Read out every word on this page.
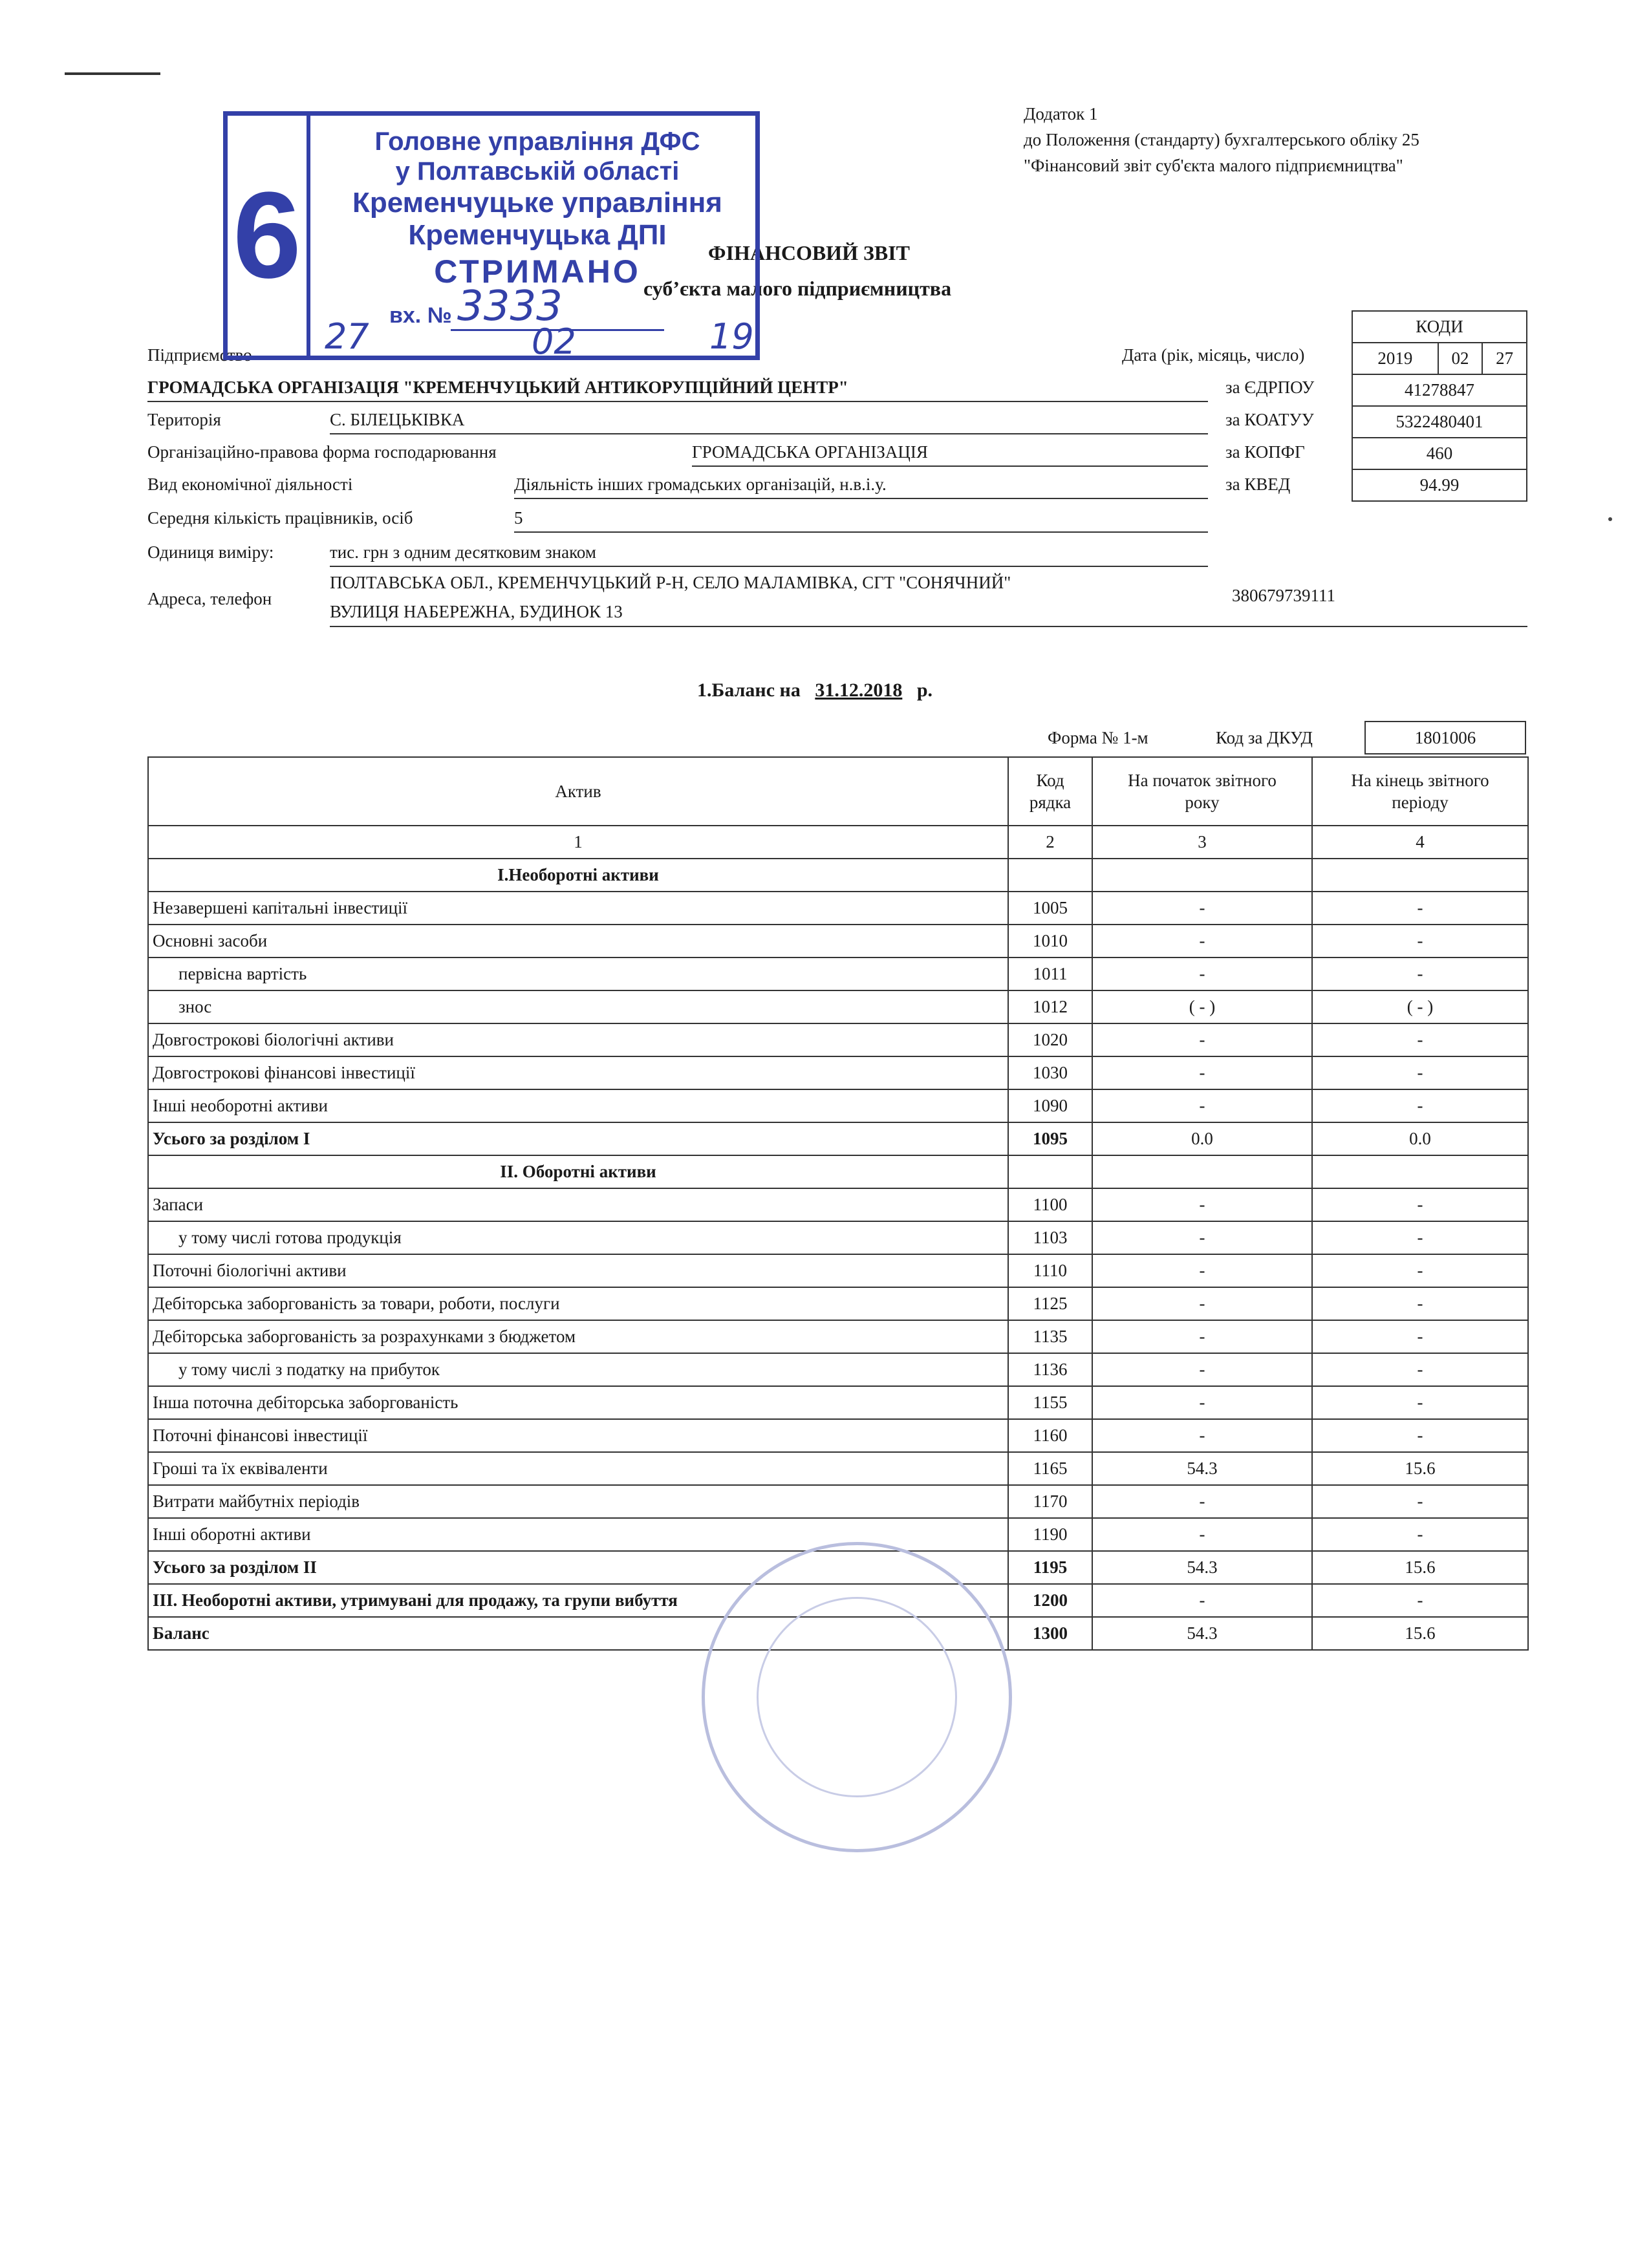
Додаток 1
до Положення (стандарту) бухгалтерського обліку 25
"Фінансовий звіт суб'єкта малого підприємництва"
ФІНАНСОВИЙ ЗВІТ
суб’єкта малого підприємництва
КОДИ
2019	02	27
41278847
5322480401
460
94.99
Підприємство	Дата (рік, місяць, число)
ГРОМАДСЬКА ОРГАНІЗАЦІЯ "КРЕМЕНЧУЦЬКИЙ АНТИКОРУПЦІЙНИЙ ЦЕНТР"	за ЄДРПОУ
Територія	С. БІЛЕЦЬКІВКА	за КОАТУУ
Організаційно-правова форма господарювання	ГРОМАДСЬКА ОРГАНІЗАЦІЯ	за КОПФГ
Вид економічної діяльності	Діяльність інших громадських організацій, н.в.і.у.	за КВЕД
Середня кількість працівників, осіб	5
Одиниця виміру:	тис. грн з одним десятковим знаком
Адреса, телефон
ПОЛТАВСЬКА ОБЛ., КРЕМЕНЧУЦЬКИЙ Р-Н, СЕЛО МАЛАМІВКА, СГТ "СОНЯЧНИЙ"
ВУЛИЦЯ НАБЕРЕЖНА, БУДИНОК 13
380679739111
1.Баланс на 31.12.2018 р.
Форма № 1-м	Код за ДКУД	1801006
Актив	Код рядка	На початок звітного року	На кінець звітного періоду
1	2	3	4
І.Необоротні активи			
Незавершені капітальні інвестиції	1005	-	-
Основні засоби	1010	-	-
первісна вартість	1011	-	-
знос	1012	( - )	( - )
Довгострокові біологічні активи	1020	-	-
Довгострокові фінансові інвестиції	1030	-	-
Інші необоротні активи	1090	-	-
Усього за розділом І	1095	0.0	0.0
ІІ. Оборотні активи			
Запаси	1100	-	-
у тому числі готова продукція	1103	-	-
Поточні біологічні активи	1110	-	-
Дебіторська заборгованість за товари, роботи, послуги	1125	-	-
Дебіторська заборгованість за розрахунками з бюджетом	1135	-	-
у тому числі з податку на прибуток	1136	-	-
Інша поточна дебіторська заборгованість	1155	-	-
Поточні фінансові інвестиції	1160	-	-
Гроші та їх еквіваленти	1165	54.3	15.6
Витрати майбутніх періодів	1170	-	-
Інші оборотні активи	1190	-	-
Усього за розділом ІІ	1195	54.3	15.6
ІІІ. Необоротні активи, утримувані для продажу, та групи вибуття	1200	-	-
Баланс	1300	54.3	15.6
6
Головне управління ДФС
у Полтавській області
Кременчуцьке управління
Кременчуцька ДПІ
СТРИМАНО
вх. № 3333
27	02	19
